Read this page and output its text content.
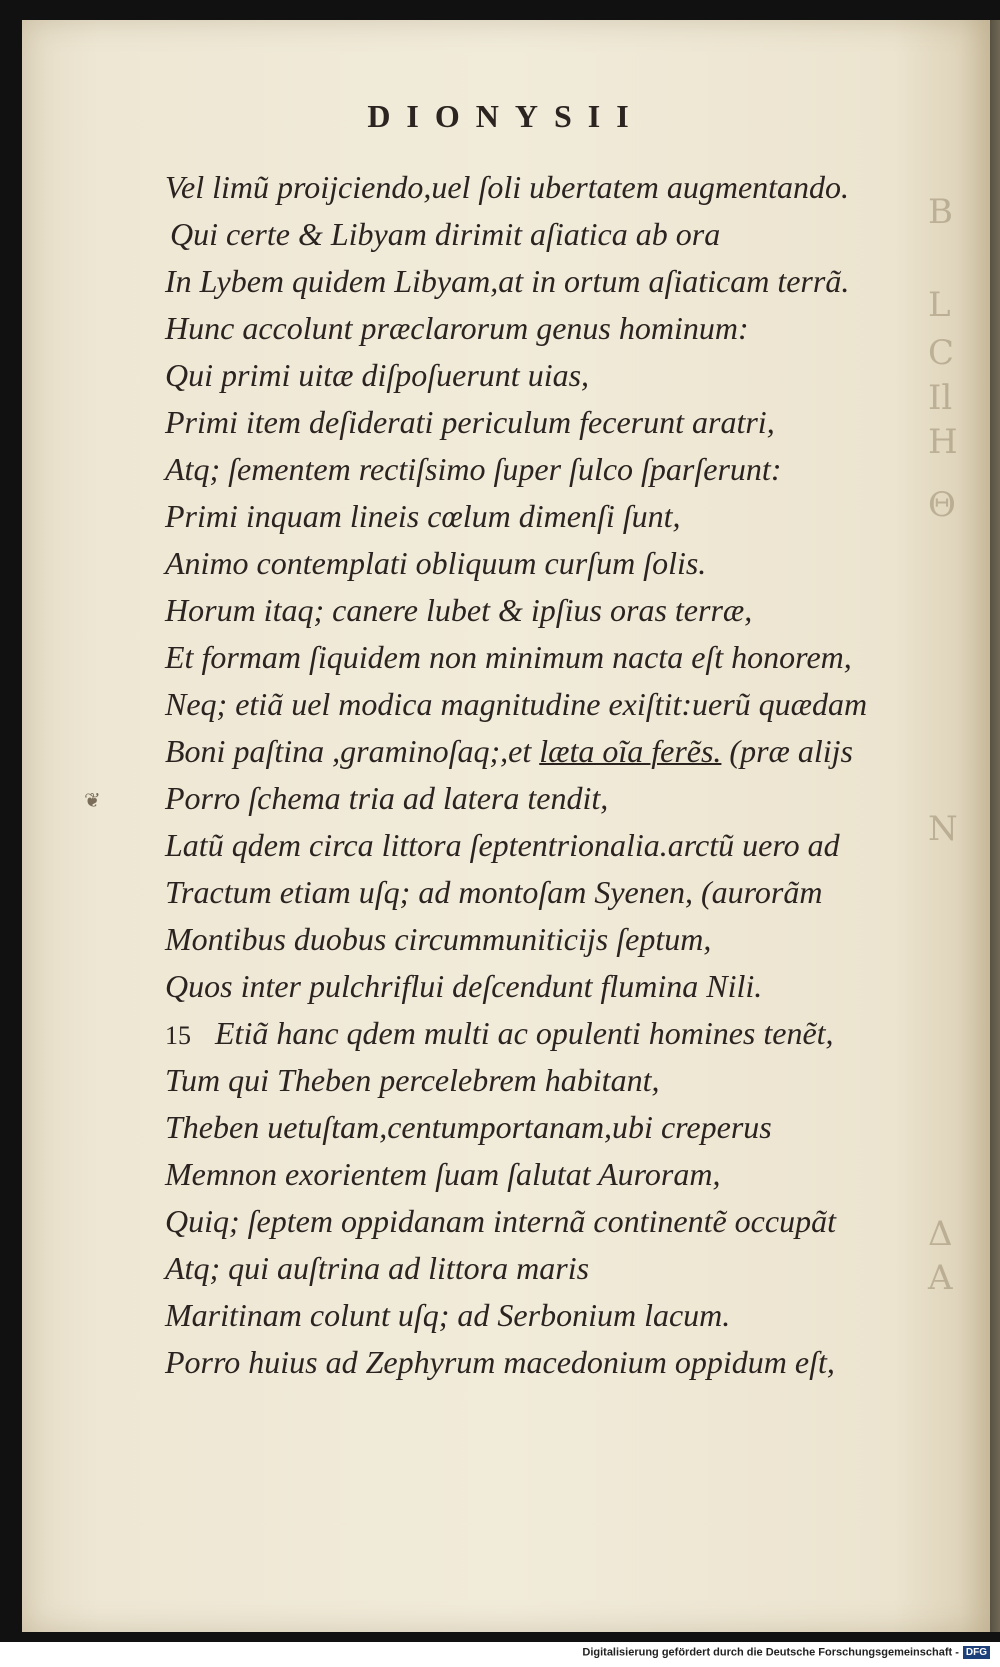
B
L
C
Il
H
Θ
N
Δ
A
DIONYSII
Vel limũ proijciendo,uel ſoli ubertatem augmentando.
Qui certe & Libyam dirimit aſiatica ab ora
In Lybem quidem Libyam,at in ortum aſiaticam terrã.
Hunc accolunt præclarorum genus hominum:
Qui primi uitæ diſpoſuerunt uias,
Primi item deſiderati periculum fecerunt aratri,
Atq; ſementem rectiſsimo ſuper ſulco ſparſerunt:
Primi inquam lineis cœlum dimenſi ſunt,
Animo contemplati obliquum curſum ſolis.
Horum itaq; canere lubet & ipſius oras terræ,
Et formam ſiquidem non minimum nacta eſt honorem,
Neq; etiã uel modica magnitudine exiſtit:uerũ quædam
Boni paſtina ,graminoſaq;,et læta oĩa ferẽs. (præ alijs
Porro ſchema tria ad latera tendit,
Latũ qdem circa littora ſeptentrionalia.arctũ uero ad
Tractum etiam uſq; ad montoſam Syenen, (aurorãm
Montibus duobus circummuniticijs ſeptum,
Quos inter pulchriflui deſcendunt flumina Nili.
15 Etiã hanc qdem multi ac opulenti homines tenẽt,
Tum qui Theben percelebrem habitant,
Theben uetuſtam,centumportanam,ubi creperus
Memnon exorientem ſuam ſalutat Auroram,
Quiq; ſeptem oppidanam internã continentẽ occupãt
Atq; qui auſtrina ad littora maris
Maritinam colunt uſq; ad Serbonium lacum.
Porro huius ad Zephyrum macedonium oppidum eſt,
❦
Digitalisierung gefördert durch die Deutsche Forschungsgemeinschaft - DFG
